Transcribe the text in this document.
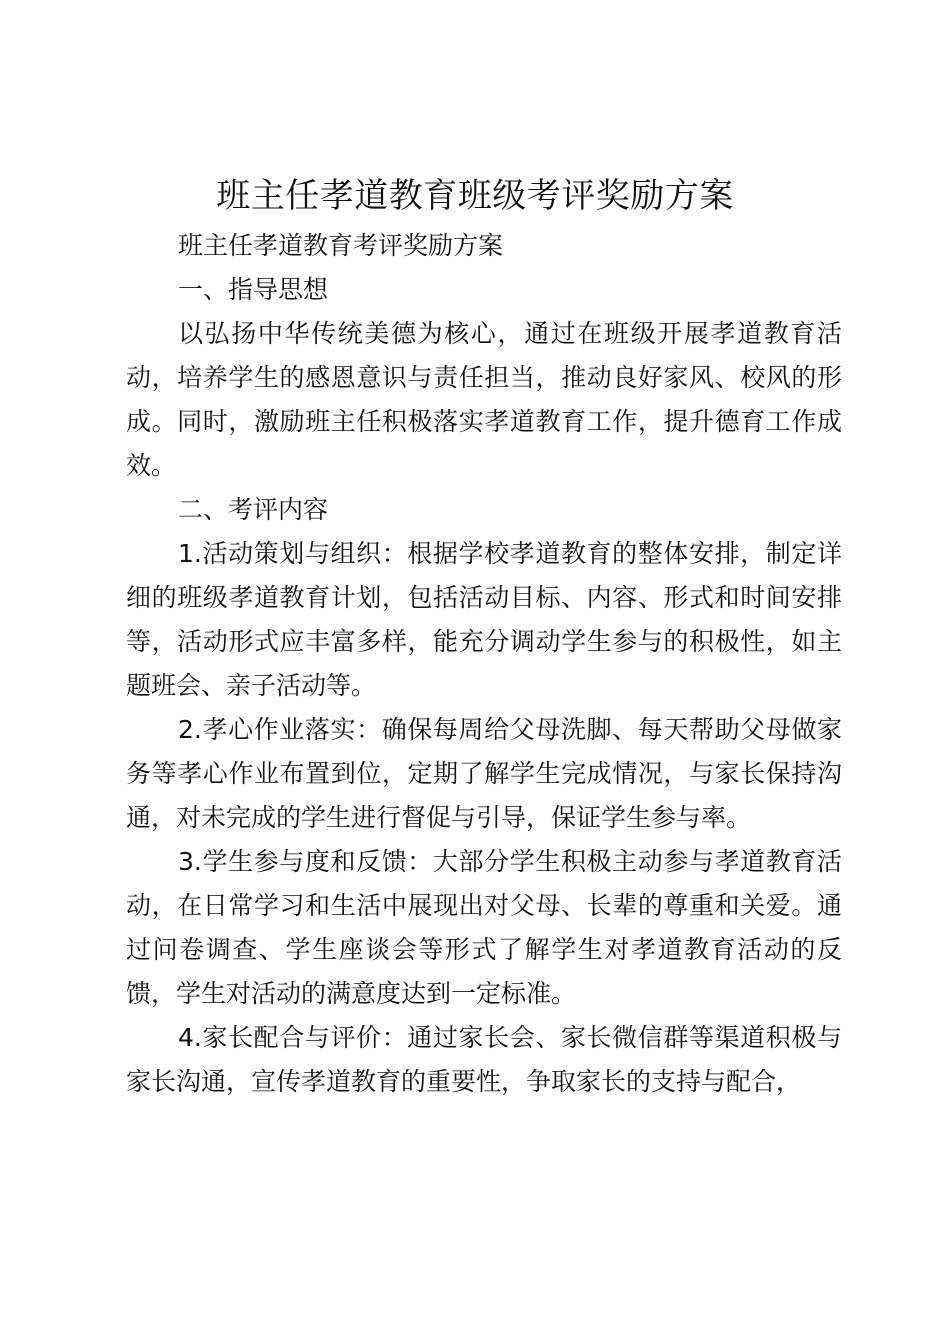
班主任孝道教育班级考评奖励方案

班主任孝道教育考评奖励方案

一、指导思想

以弘扬中华传统美德为核心，通过在班级开展孝道教育活动，培养学生的感恩意识与责任担当，推动良好家风、校风的形成。同时，激励班主任积极落实孝道教育工作，提升德育工作成效。

二、考评内容

1.活动策划与组织：根据学校孝道教育的整体安排，制定详细的班级孝道教育计划，包括活动目标、内容、形式和时间安排等，活动形式应丰富多样，能充分调动学生参与的积极性，如主题班会、亲子活动等。

2.孝心作业落实：确保每周给父母洗脚、每天帮助父母做家务等孝心作业布置到位，定期了解学生完成情况，与家长保持沟通，对未完成的学生进行督促与引导，保证学生参与率。

3.学生参与度和反馈：大部分学生积极主动参与孝道教育活动，在日常学习和生活中展现出对父母、长辈的尊重和关爱。通过问卷调查、学生座谈会等形式了解学生对孝道教育活动的反馈，学生对活动的满意度达到一定标准。

4.家长配合与评价：通过家长会、家长微信群等渠道积极与家长沟通，宣传孝道教育的重要性，争取家长的支持与配合，
